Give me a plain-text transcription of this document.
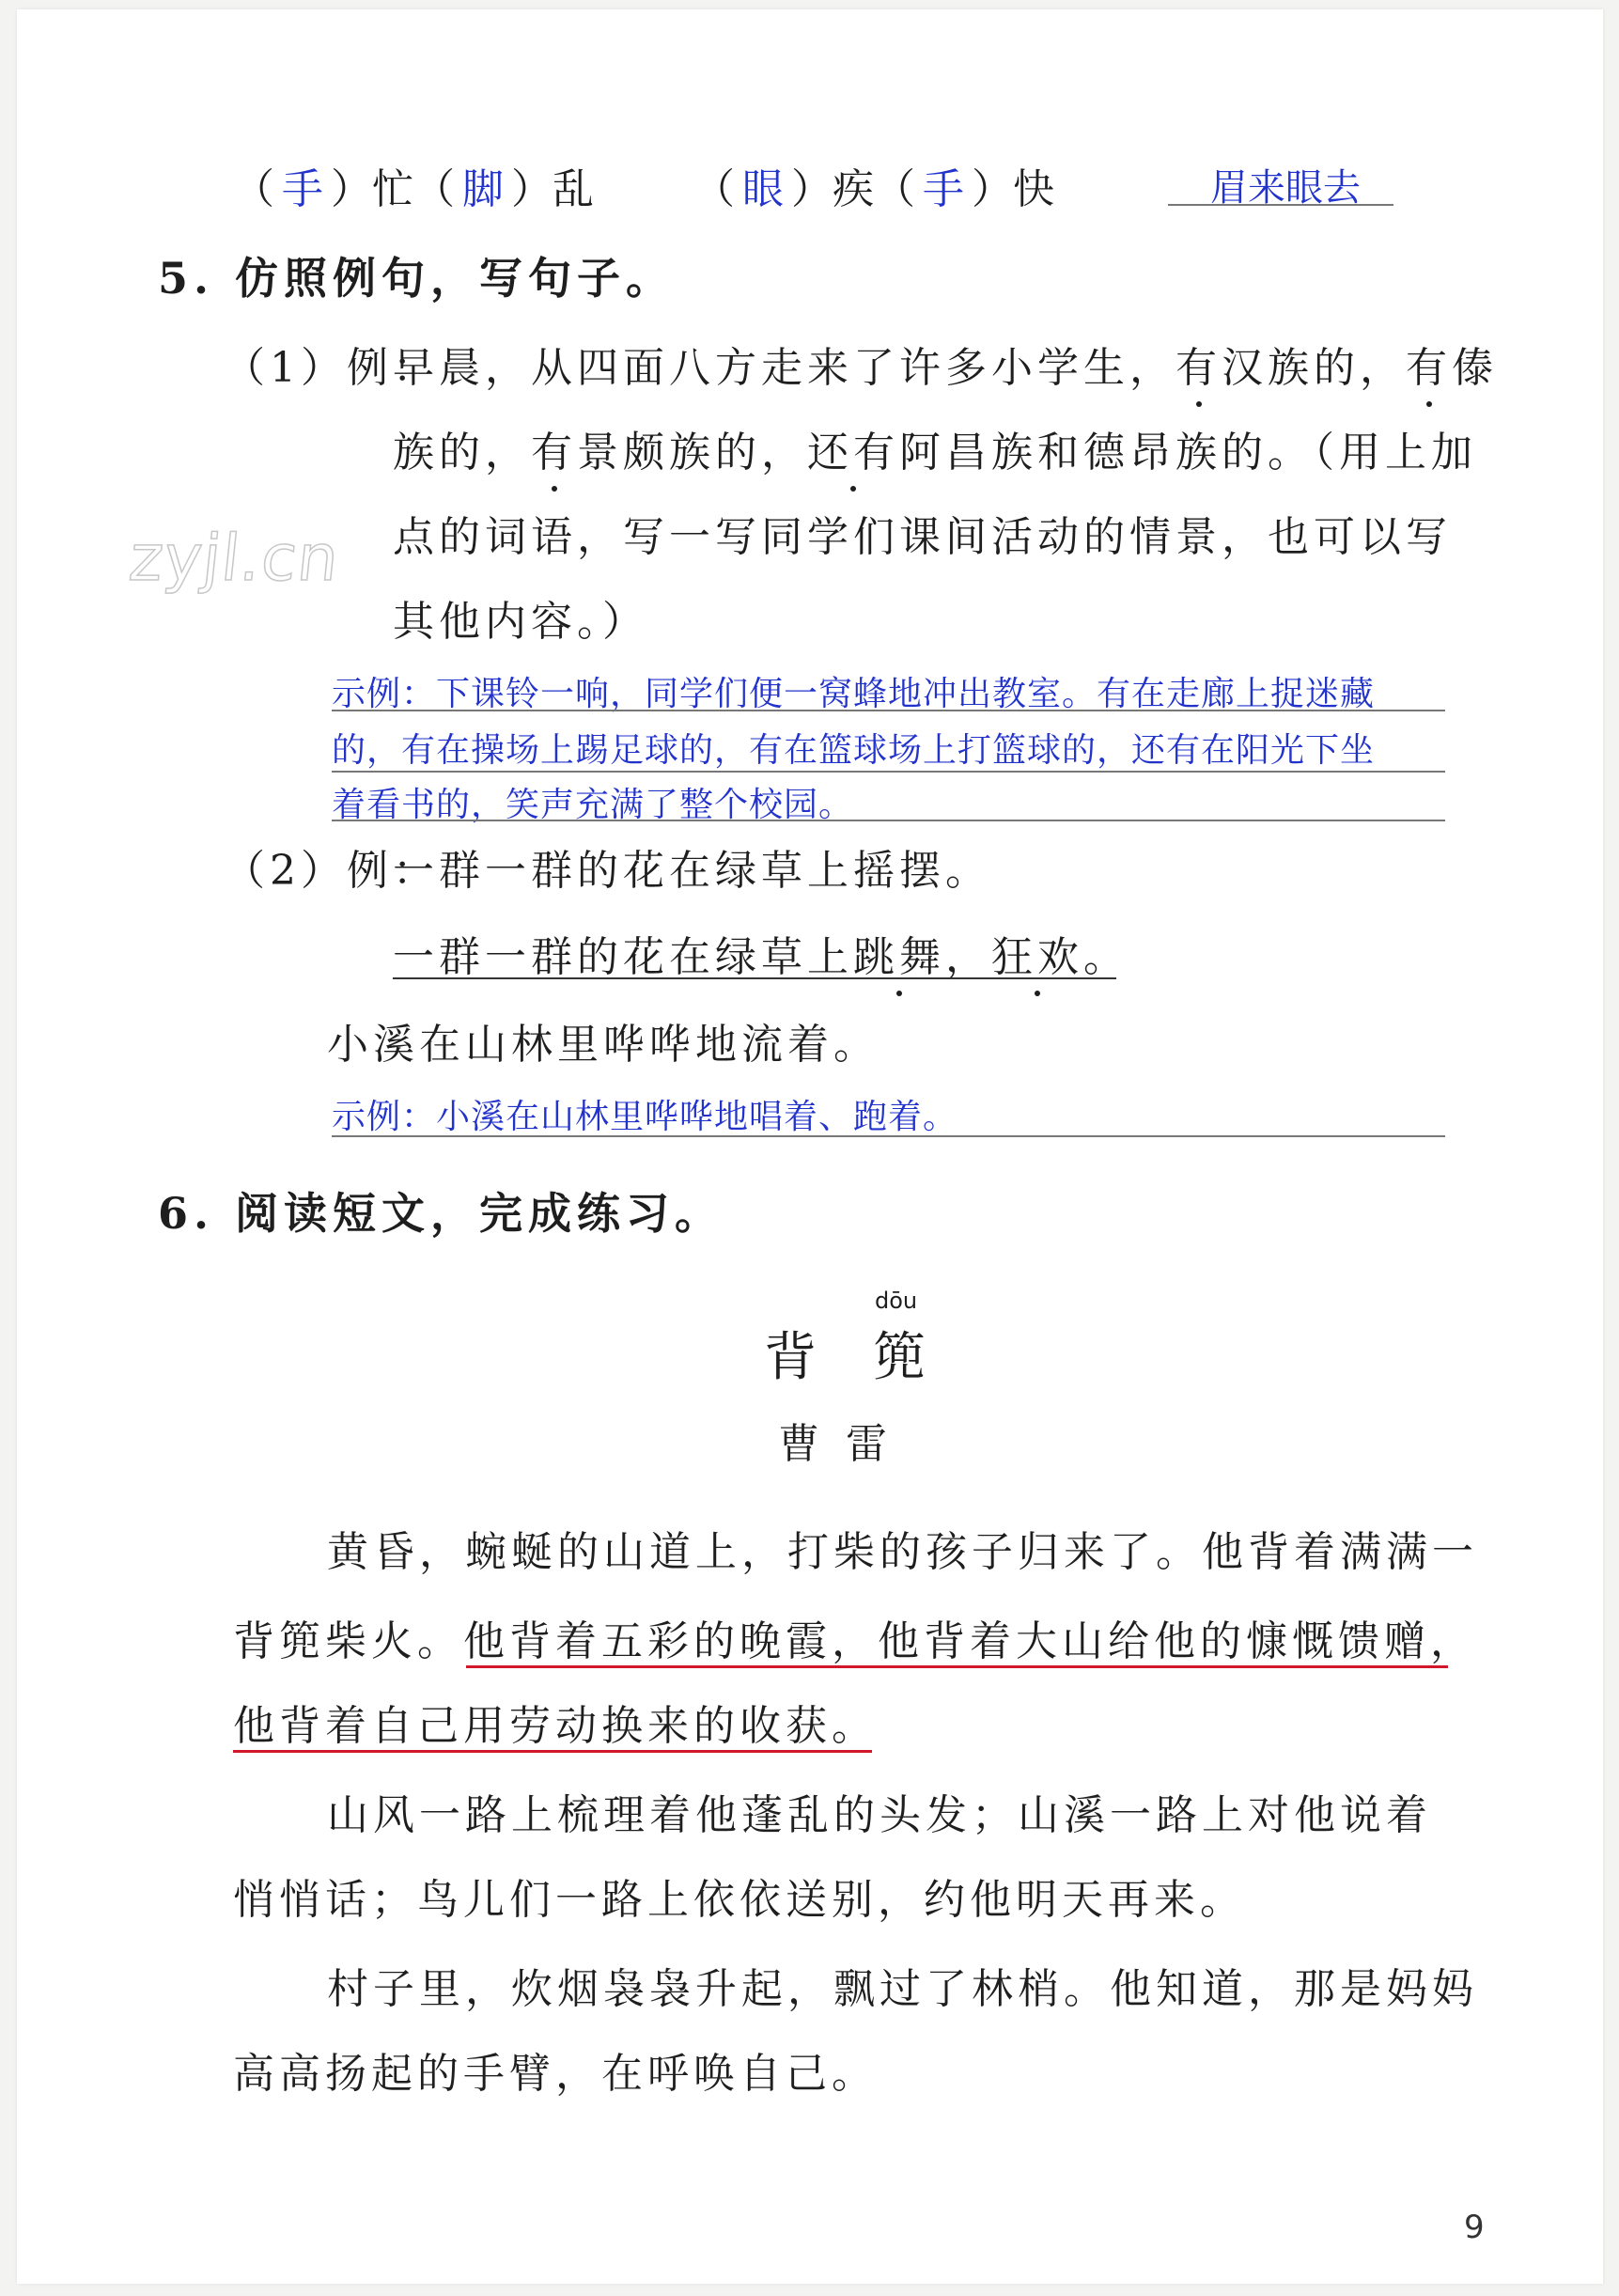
（ 手 ）忙（ 脚 ）乱 （ 眼 ）疾（ 手 ）快	眉来眼去
5. 仿照例句，写句子。
（1）例：
早晨，从四面八方走来了许多小学生，有汉族的，有傣
族的，有景颇族的，还有阿昌族和德昂族的。（用上加
点的词语，写一写同学们课间活动的情景，也可以写
其他内容。）
示例：下课铃一响，同学们便一窝蜂地冲出教室。有在走廊上捉迷藏
的，有在操场上踢足球的，有在篮球场上打篮球的，还有在阳光下坐
着看书的，笑声充满了整个校园。
（2）例：
一群一群的花在绿草上摇摆。
一群一群的花在绿草上跳舞，狂欢。
小溪在山林里哗哗地流着。
示例：小溪在山林里哗哗地唱着、跑着。
6. 阅读短文，完成练习。
dōu
背 篼
曹  雷
黄昏，蜿蜒的山道上，打柴的孩子归来了。他背着满满一
背篼柴火。他背着五彩的晚霞，他背着大山给他的慷慨馈赠，
他背着自己用劳动换来的收获。
山风一路上梳理着他蓬乱的头发；山溪一路上对他说着
悄悄话；鸟儿们一路上依依送别，约他明天再来。
村子里，炊烟袅袅升起，飘过了林梢。他知道，那是妈妈
高高扬起的手臂，在呼唤自己。
zyjl.cn
9
